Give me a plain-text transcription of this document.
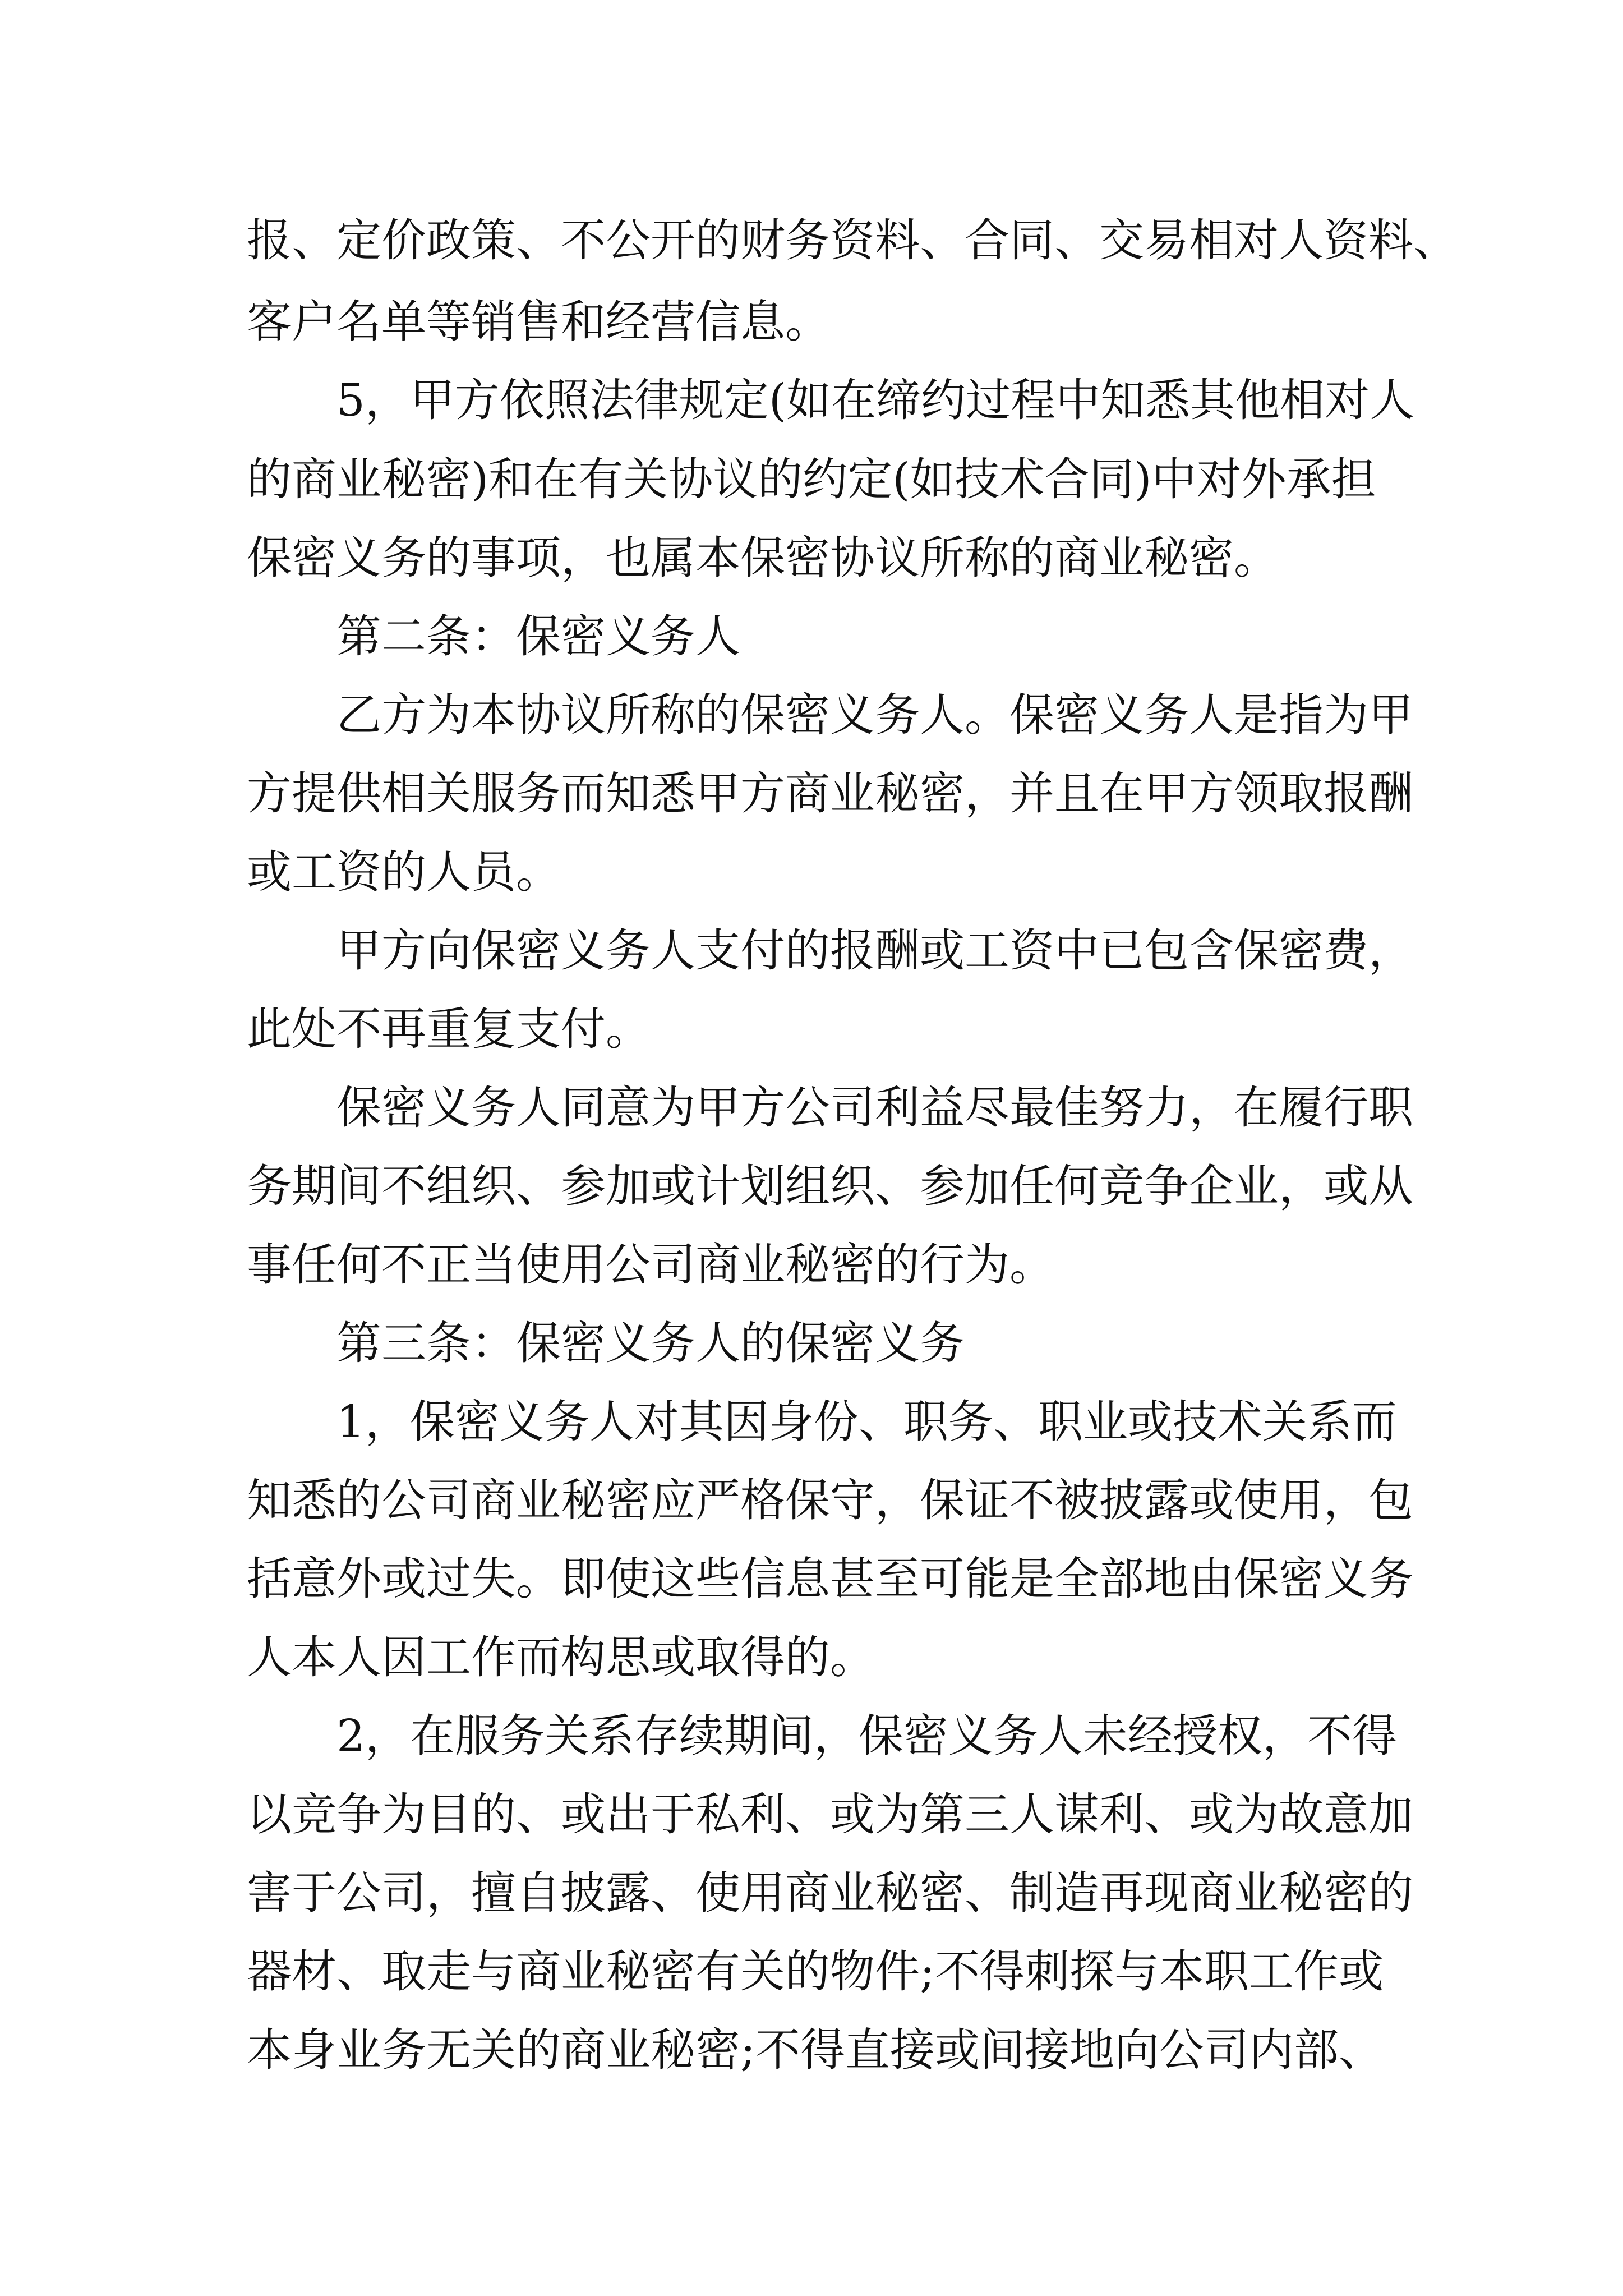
报、定价政策、不公开的财务资料、合同、交易相对人资料、
客户名单等销售和经营信息。
5，甲方依照法律规定(如在缔约过程中知悉其他相对人
的商业秘密)和在有关协议的约定(如技术合同)中对外承担
保密义务的事项，也属本保密协议所称的商业秘密。
第二条：保密义务人
乙方为本协议所称的保密义务人。保密义务人是指为甲
方提供相关服务而知悉甲方商业秘密，并且在甲方领取报酬
或工资的人员。
甲方向保密义务人支付的报酬或工资中已包含保密费，
此处不再重复支付。
保密义务人同意为甲方公司利益尽最佳努力，在履行职
务期间不组织、参加或计划组织、参加任何竞争企业，或从
事任何不正当使用公司商业秘密的行为。
第三条：保密义务人的保密义务
1，保密义务人对其因身份、职务、职业或技术关系而
知悉的公司商业秘密应严格保守，保证不被披露或使用，包
括意外或过失。即使这些信息甚至可能是全部地由保密义务
人本人因工作而构思或取得的。
2，在服务关系存续期间，保密义务人未经授权，不得
以竞争为目的、或出于私利、或为第三人谋利、或为故意加
害于公司，擅自披露、使用商业秘密、制造再现商业秘密的
器材、取走与商业秘密有关的物件;不得刺探与本职工作或
本身业务无关的商业秘密;不得直接或间接地向公司内部、
